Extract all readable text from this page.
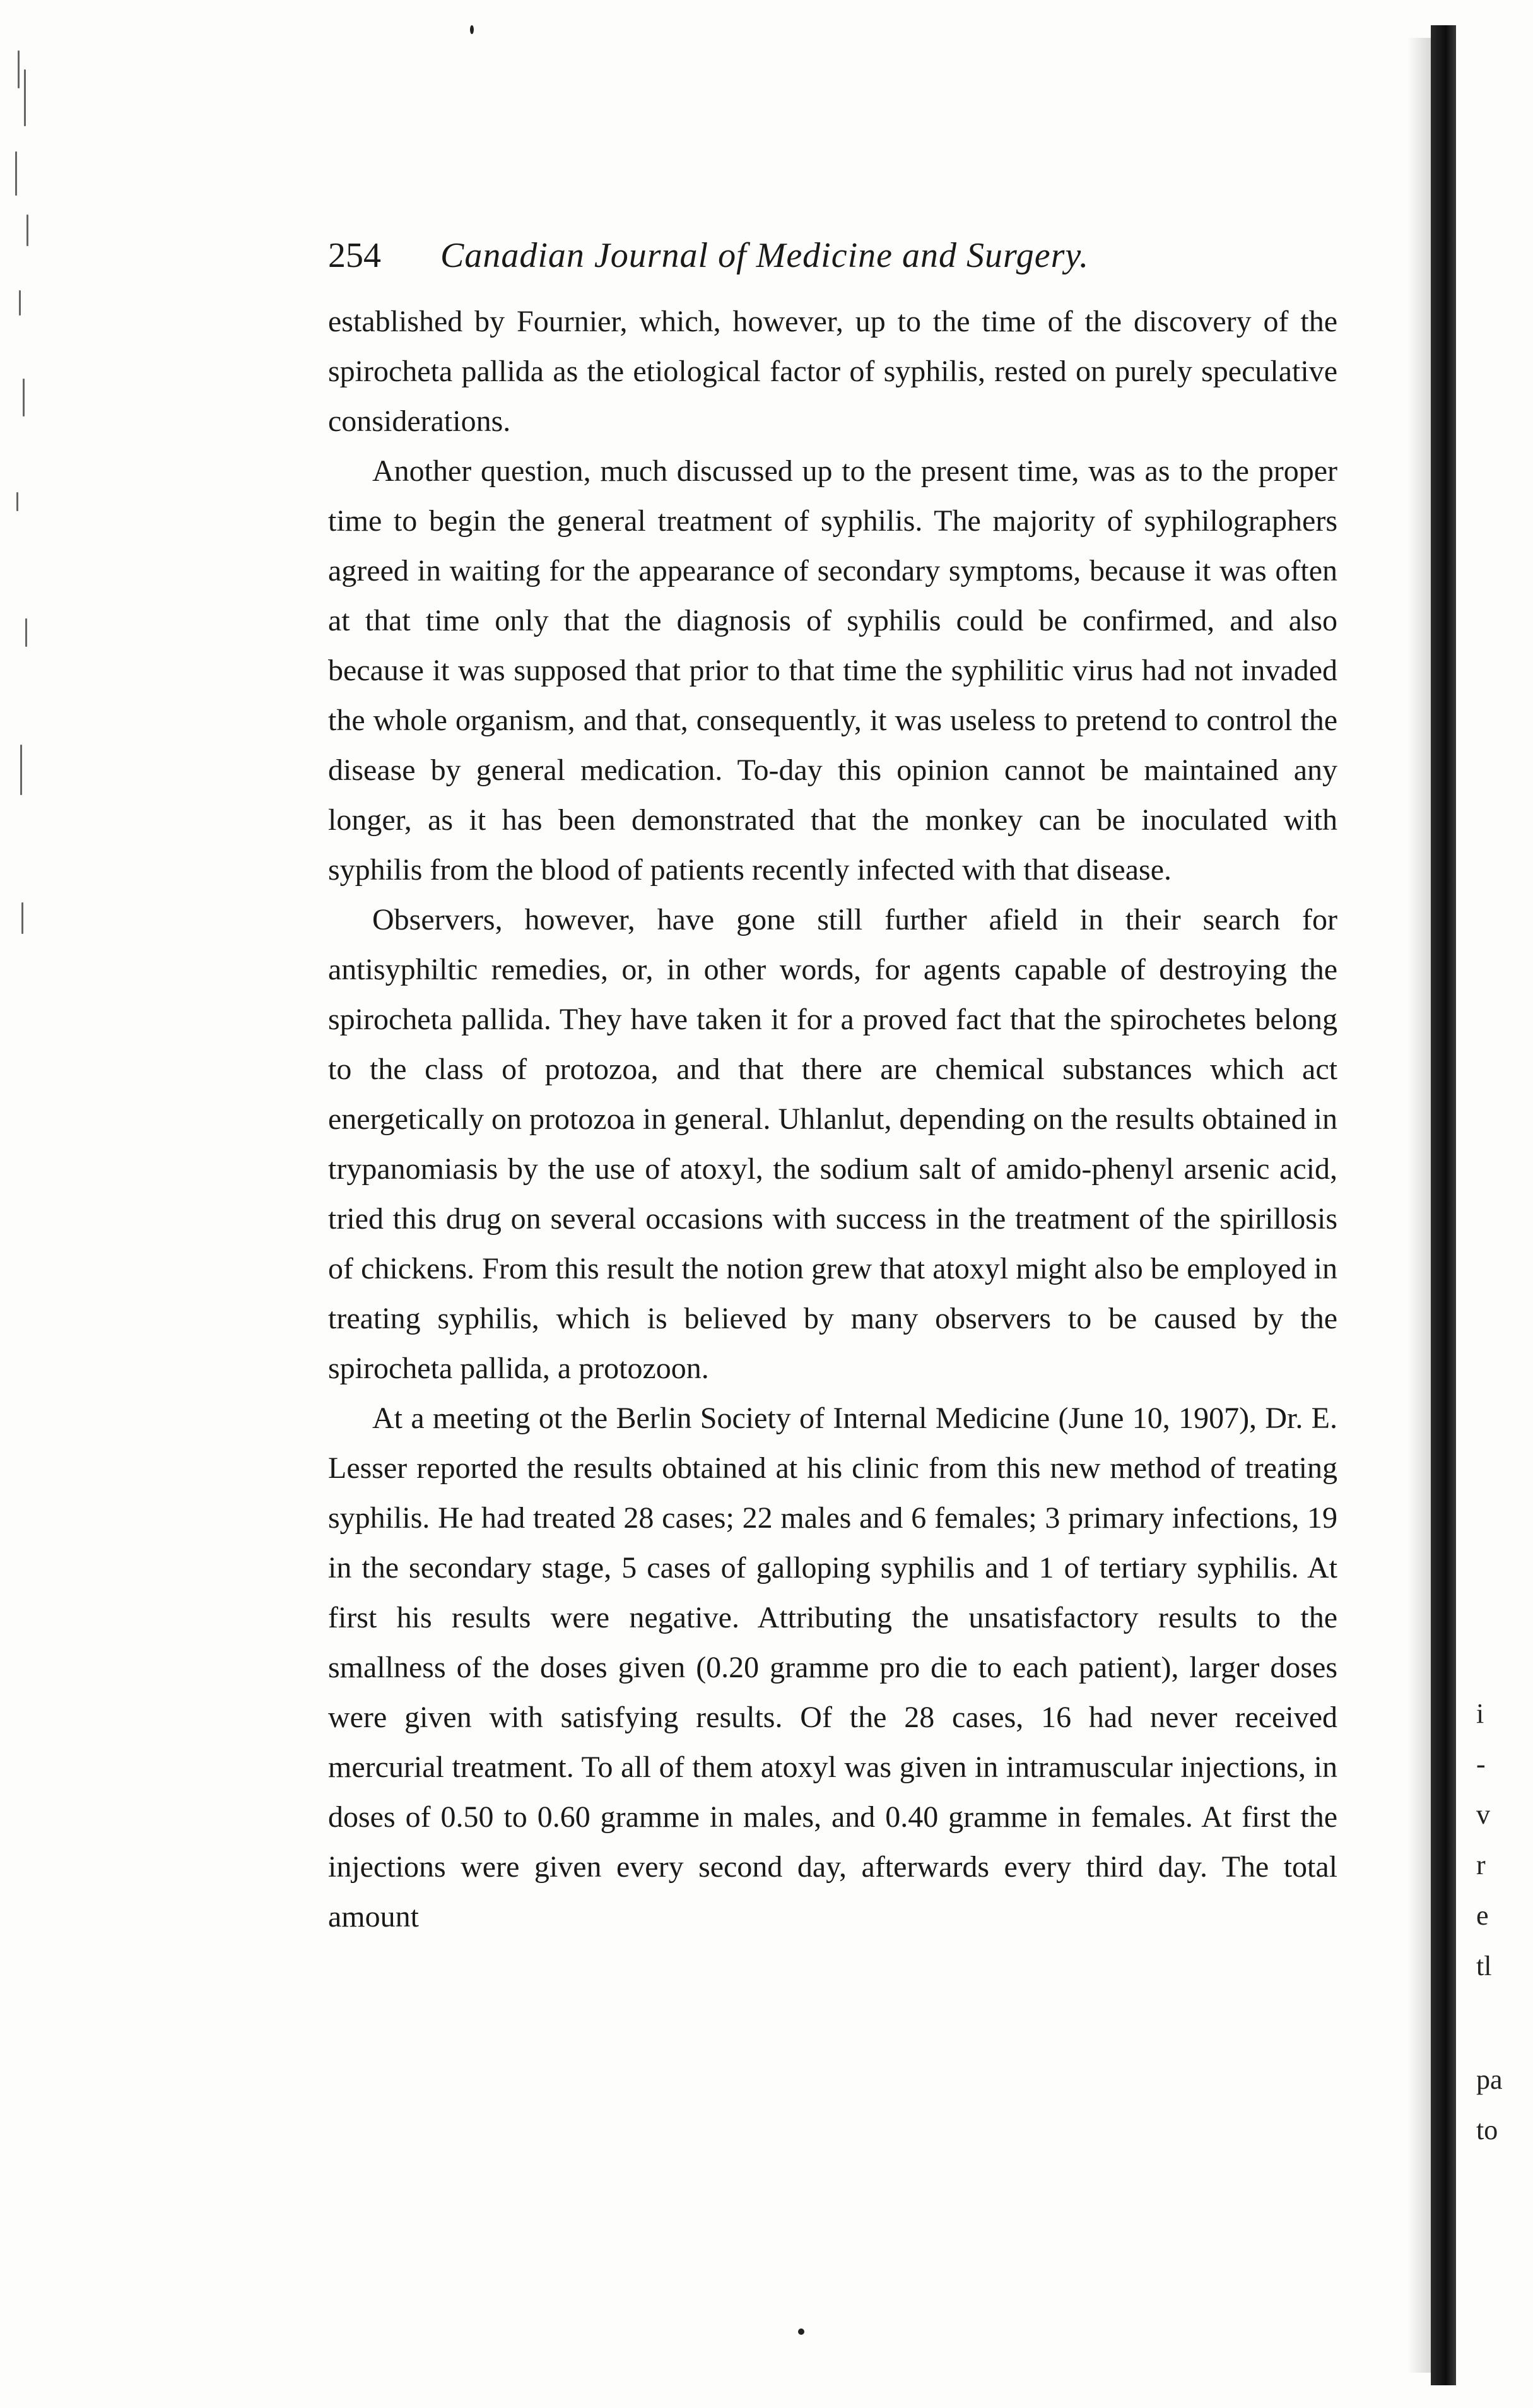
254 Canadian Journal of Medicine and Surgery.

established by Fournier, which, however, up to the time of the discovery of the spirocheta pallida as the etiological factor of syphilis, rested on purely speculative considerations.

Another question, much discussed up to the present time, was as to the proper time to begin the general treatment of syphilis. The majority of syphilographers agreed in waiting for the appearance of secondary symptoms, because it was often at that time only that the diagnosis of syphilis could be confirmed, and also because it was supposed that prior to that time the syphilitic virus had not invaded the whole organism, and that, consequently, it was useless to pretend to control the disease by general medication. To-day this opinion cannot be maintained any longer, as it has been demonstrated that the monkey can be inoculated with syphilis from the blood of patients recently infected with that disease.

Observers, however, have gone still further afield in their search for antisyphiltic remedies, or, in other words, for agents capable of destroying the spirocheta pallida. They have taken it for a proved fact that the spirochetes belong to the class of protozoa, and that there are chemical substances which act energetically on protozoa in general. Uhlanlut, depending on the results obtained in trypanomiasis by the use of atoxyl, the sodium salt of amido-phenyl arsenic acid, tried this drug on several occasions with success in the treatment of the spirillosis of chickens. From this result the notion grew that atoxyl might also be employed in treating syphilis, which is believed by many observers to be caused by the spirocheta pallida, a protozoon.

At a meeting ot the Berlin Society of Internal Medicine (June 10, 1907), Dr. E. Lesser reported the results obtained at his clinic from this new method of treating syphilis. He had treated 28 cases; 22 males and 6 females; 3 primary infections, 19 in the secondary stage, 5 cases of galloping syphilis and 1 of tertiary syphilis. At first his results were negative. Attributing the unsatisfactory results to the smallness of the doses given (0.20 gramme pro die to each patient), larger doses were given with satisfying results. Of the 28 cases, 16 had never received mercurial treatment. To all of them atoxyl was given in intramuscular injections, in doses of 0.50 to 0.60 gramme in males, and 0.40 gramme in females. At first the injections were given every second day, afterwards every third day. The total amount

i
-
v
r
e
tl
pa
to
